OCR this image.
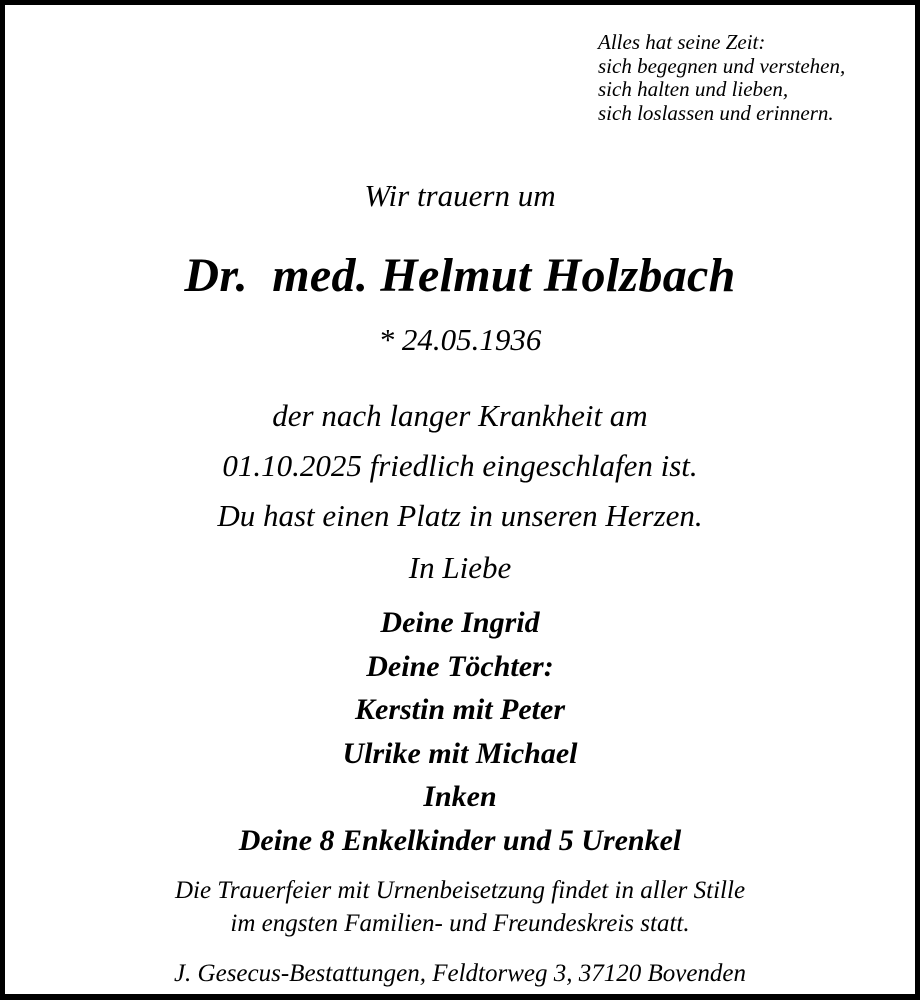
Alles hat seine Zeit:
sich begegnen und verstehen,
sich halten und lieben,
sich loslassen und erinnern.
Wir trauern um
Dr. med. Helmut Holzbach
* 24.05.1936
der nach langer Krankheit am
01.10.2025 friedlich eingeschlafen ist.
Du hast einen Platz in unseren Herzen.
In Liebe
Deine Ingrid
Deine Töchter:
Kerstin mit Peter
Ulrike mit Michael
Inken
Deine 8 Enkelkinder und 5 Urenkel
Die Trauerfeier mit Urnenbeisetzung findet in aller Stille
im engsten Familien- und Freundeskreis statt.
J. Gesecus-Bestattungen, Feldtorweg 3, 37120 Bovenden
